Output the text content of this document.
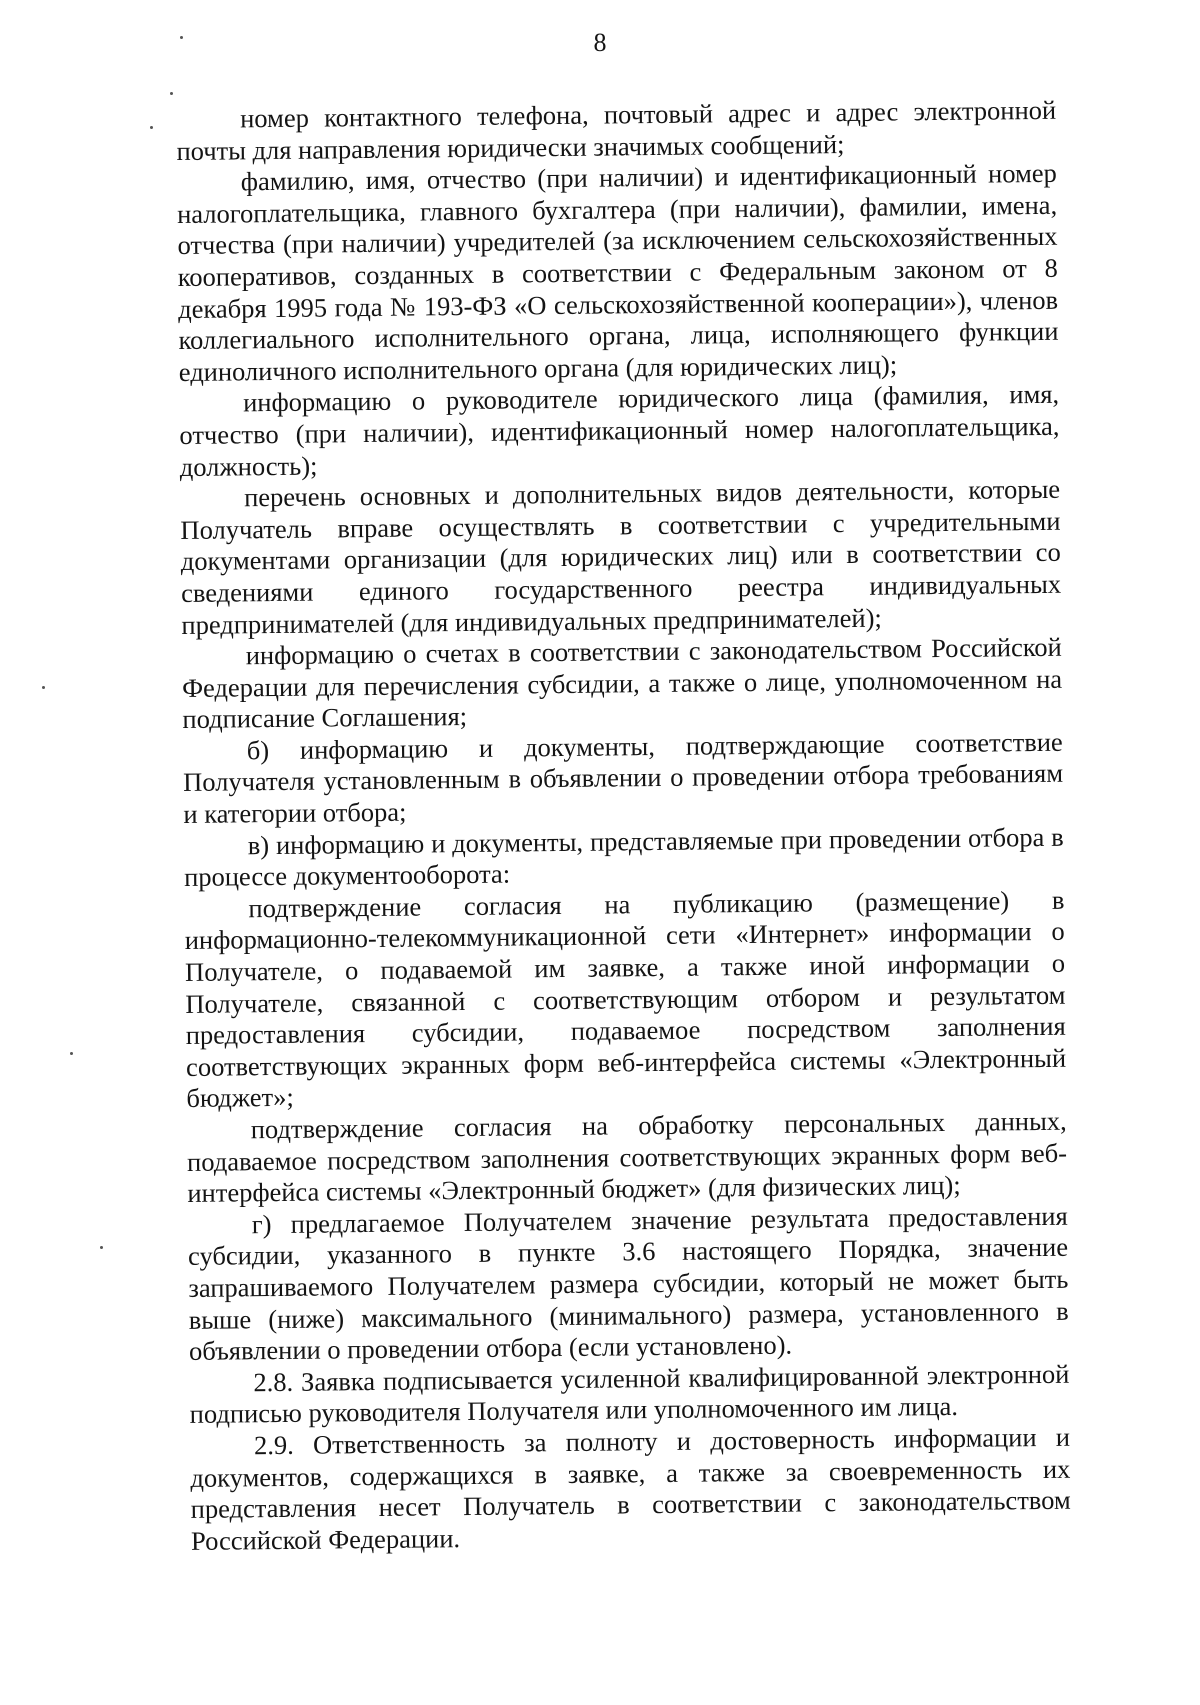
8

номер контактного телефона, почтовый адрес и адрес электронной почты для направления юридически значимых сообщений;

фамилию, имя, отчество (при наличии) и идентификационный номер налогоплательщика, главного бухгалтера (при наличии), фамилии, имена, отчества (при наличии) учредителей (за исключением сельскохозяйственных кооперативов, созданных в соответствии с Федеральным законом от 8 декабря 1995 года № 193-ФЗ «О сельскохозяйственной кооперации»), членов коллегиального исполнительного органа, лица, исполняющего функции единоличного исполнительного органа (для юридических лиц);

информацию о руководителе юридического лица (фамилия, имя, отчество (при наличии), идентификационный номер налогоплательщика, должность);

перечень основных и дополнительных видов деятельности, которые Получатель вправе осуществлять в соответствии с учредительными документами организации (для юридических лиц) или в соответствии со сведениями единого государственного реестра индивидуальных предпринимателей (для индивидуальных предпринимателей);

информацию о счетах в соответствии с законодательством Российской Федерации для перечисления субсидии, а также о лице, уполномоченном на подписание Соглашения;

б) информацию и документы, подтверждающие соответствие Получателя установленным в объявлении о проведении отбора требованиям и категории отбора;

в) информацию и документы, представляемые при проведении отбора в процессе документооборота:

подтверждение согласия на публикацию (размещение) в информационно-телекоммуникационной сети «Интернет» информации о Получателе, о подаваемой им заявке, а также иной информации о Получателе, связанной с соответствующим отбором и результатом предоставления субсидии, подаваемое посредством заполнения соответствующих экранных форм веб-интерфейса системы «Электронный бюджет»;

подтверждение согласия на обработку персональных данных, подаваемое посредством заполнения соответствующих экранных форм веб-интерфейса системы «Электронный бюджет» (для физических лиц);

г) предлагаемое Получателем значение результата предоставления субсидии, указанного в пункте 3.6 настоящего Порядка, значение запрашиваемого Получателем размера субсидии, который не может быть выше (ниже) максимального (минимального) размера, установленного в объявлении о проведении отбора (если установлено).

2.8. Заявка подписывается усиленной квалифицированной электронной подписью руководителя Получателя или уполномоченного им лица.

2.9. Ответственность за полноту и достоверность информации и документов, содержащихся в заявке, а также за своевременность их представления несет Получатель в соответствии с законодательством Российской Федерации.
